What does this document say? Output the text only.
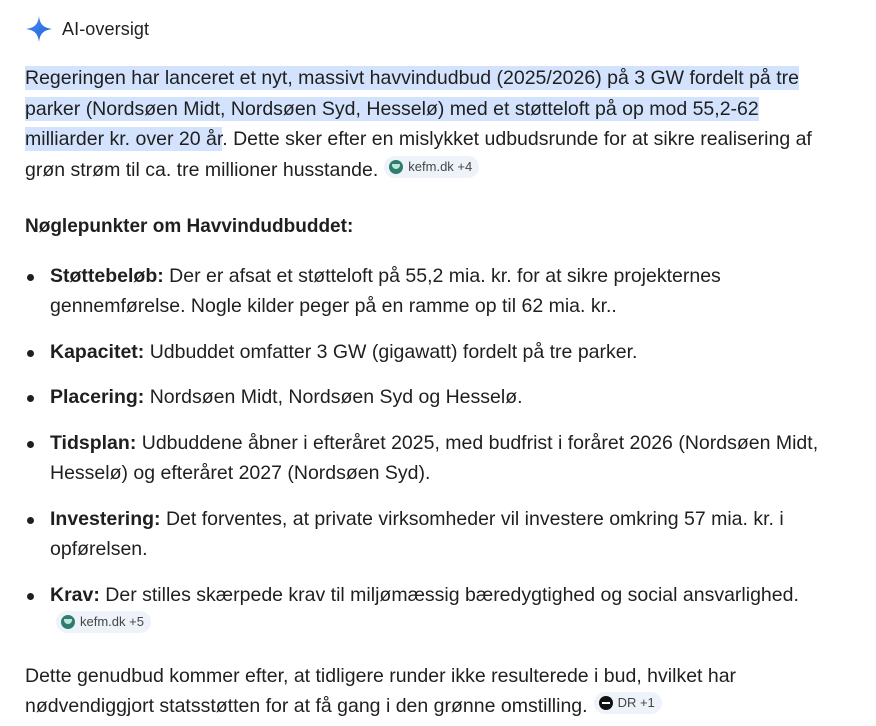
AI-oversigt

Regeringen har lanceret et nyt, massivt havvindudbud (2025/2026) på 3 GW fordelt på tre parker (Nordsøen Midt, Nordsøen Syd, Hesselø) med et støtteloft på op mod 55,2-62 milliarder kr. over 20 år. Dette sker efter en mislykket udbudsrunde for at sikre realisering af grøn strøm til ca. tre millioner husstande. kefm.dk +4

Nøglepunkter om Havvindudbuddet:

Støttebeløb: Der er afsat et støtteloft på 55,2 mia. kr. for at sikre projekternes gennemførelse. Nogle kilder peger på en ramme op til 62 mia. kr..
Kapacitet: Udbuddet omfatter 3 GW (gigawatt) fordelt på tre parker.
Placering: Nordsøen Midt, Nordsøen Syd og Hesselø.
Tidsplan: Udbuddene åbner i efteråret 2025, med budfrist i foråret 2026 (Nordsøen Midt, Hesselø) og efteråret 2027 (Nordsøen Syd).
Investering: Det forventes, at private virksomheder vil investere omkring 57 mia. kr. i opførelsen.
Krav: Der stilles skærpede krav til miljømæssig bæredygtighed og social ansvarlighed.
kefm.dk +5

Dette genudbud kommer efter, at tidligere runder ikke resulterede i bud, hvilket har nødvendiggjort statsstøtten for at få gang i den grønne omstilling. DR +1
